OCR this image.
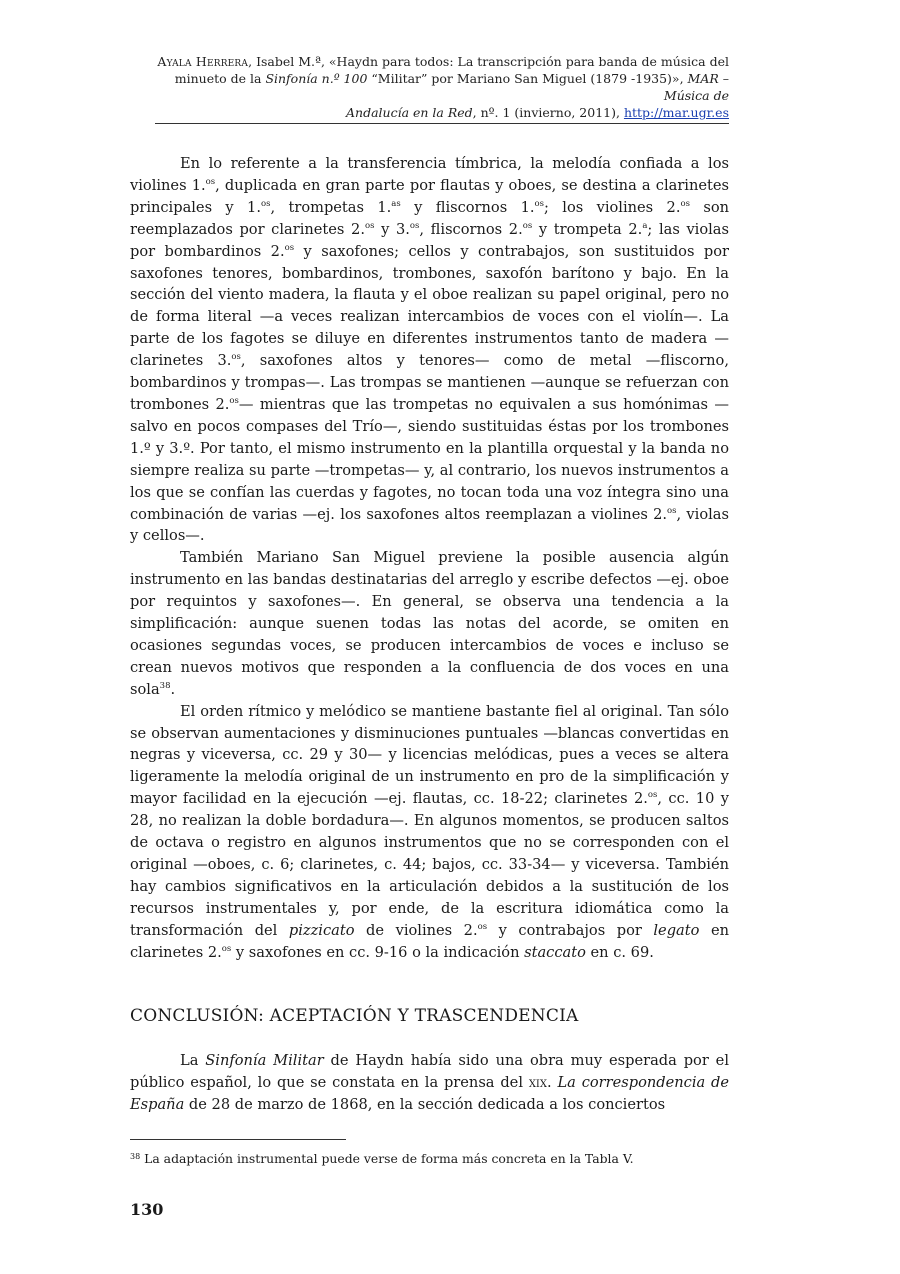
Ayala Herrera, Isabel M.ª, «Haydn para todos: La transcripción para banda de música del
minueto de la Sinfonía n.º 100 “Militar” por Mariano San Miguel (1879 -1935)», MAR – Música de
Andalucía en la Red, nº. 1 (invierno, 2011), http://mar.ugr.es

En lo referente a la transferencia tímbrica, la melodía confiada a los violines 1.$^{os}$, duplicada en gran parte por flautas y oboes, se destina a clarinetes principales y 1.$^{os}$, trompetas 1.$^{as}$ y fliscornos 1.$^{os}$; los violines 2.$^{os}$ son reemplazados por clarinetes 2.$^{os}$ y 3.$^{os}$, fliscornos 2.$^{os}$ y trompeta 2.$^a$; las violas por bombardinos 2.$^{os}$ y saxofones; cellos y contrabajos, son sustituidos por saxofones tenores, bombardinos, trombones, saxofón barítono y bajo. En la sección del viento madera, la flauta y el oboe realizan su papel original, pero no de forma literal —a veces realizan intercambios de voces con el violín—. La parte de los fagotes se diluye en diferentes instrumentos tanto de madera —clarinetes 3.$^{os}$, saxofones altos y tenores— como de metal —fliscorno, bombardinos y trompas—. Las trompas se mantienen —aunque se refuerzan con trombones 2.$^{os}$— mientras que las trompetas no equivalen a sus homónimas —salvo en pocos compases del Trío—, siendo sustituidas éstas por los trombones 1.º y 3.º. Por tanto, el mismo instrumento en la plantilla orquestal y la banda no siempre realiza su parte —trompetas— y, al contrario, los nuevos instrumentos a los que se confían las cuerdas y fagotes, no tocan toda una voz íntegra sino una combinación de varias —ej. los saxofones altos reemplazan a violines 2.$^{os}$, violas y cellos—.

También Mariano San Miguel previene la posible ausencia algún instrumento en las bandas destinatarias del arreglo y escribe defectos —ej. oboe por requintos y saxofones—. En general, se observa una tendencia a la simplificación: aunque suenen todas las notas del acorde, se omiten en ocasiones segundas voces, se producen intercambios de voces e incluso se crean nuevos motivos que responden a la confluencia de dos voces en una sola$^{38}$.

El orden rítmico y melódico se mantiene bastante fiel al original. Tan sólo se observan aumentaciones y disminuciones puntuales —blancas convertidas en negras y viceversa, cc. 29 y 30— y licencias melódicas, pues a veces se altera ligeramente la melodía original de un instrumento en pro de la simplificación y mayor facilidad en la ejecución —ej. flautas, cc. 18-22; clarinetes 2.$^{os}$, cc. 10 y 28, no realizan la doble bordadura—. En algunos momentos, se producen saltos de octava o registro en algunos instrumentos que no se corresponden con el original —oboes, c. 6; clarinetes, c. 44; bajos, cc. 33-34— y viceversa. También hay cambios significativos en la articulación debidos a la sustitución de los recursos instrumentales y, por ende, de la escritura idiomática como la transformación del pizzicato de violines 2.$^{os}$ y contrabajos por legato en clarinetes 2.$^{os}$ y saxofones en cc. 9-16 o la indicación staccato en c. 69.

CONCLUSIÓN: ACEPTACIÓN Y TRASCENDENCIA

La Sinfonía Militar de Haydn había sido una obra muy esperada por el público español, lo que se constata en la prensa del xix. La correspondencia de España de 28 de marzo de 1868, en la sección dedicada a los conciertos

$^{38}$ La adaptación instrumental puede verse de forma más concreta en la Tabla V.
130
